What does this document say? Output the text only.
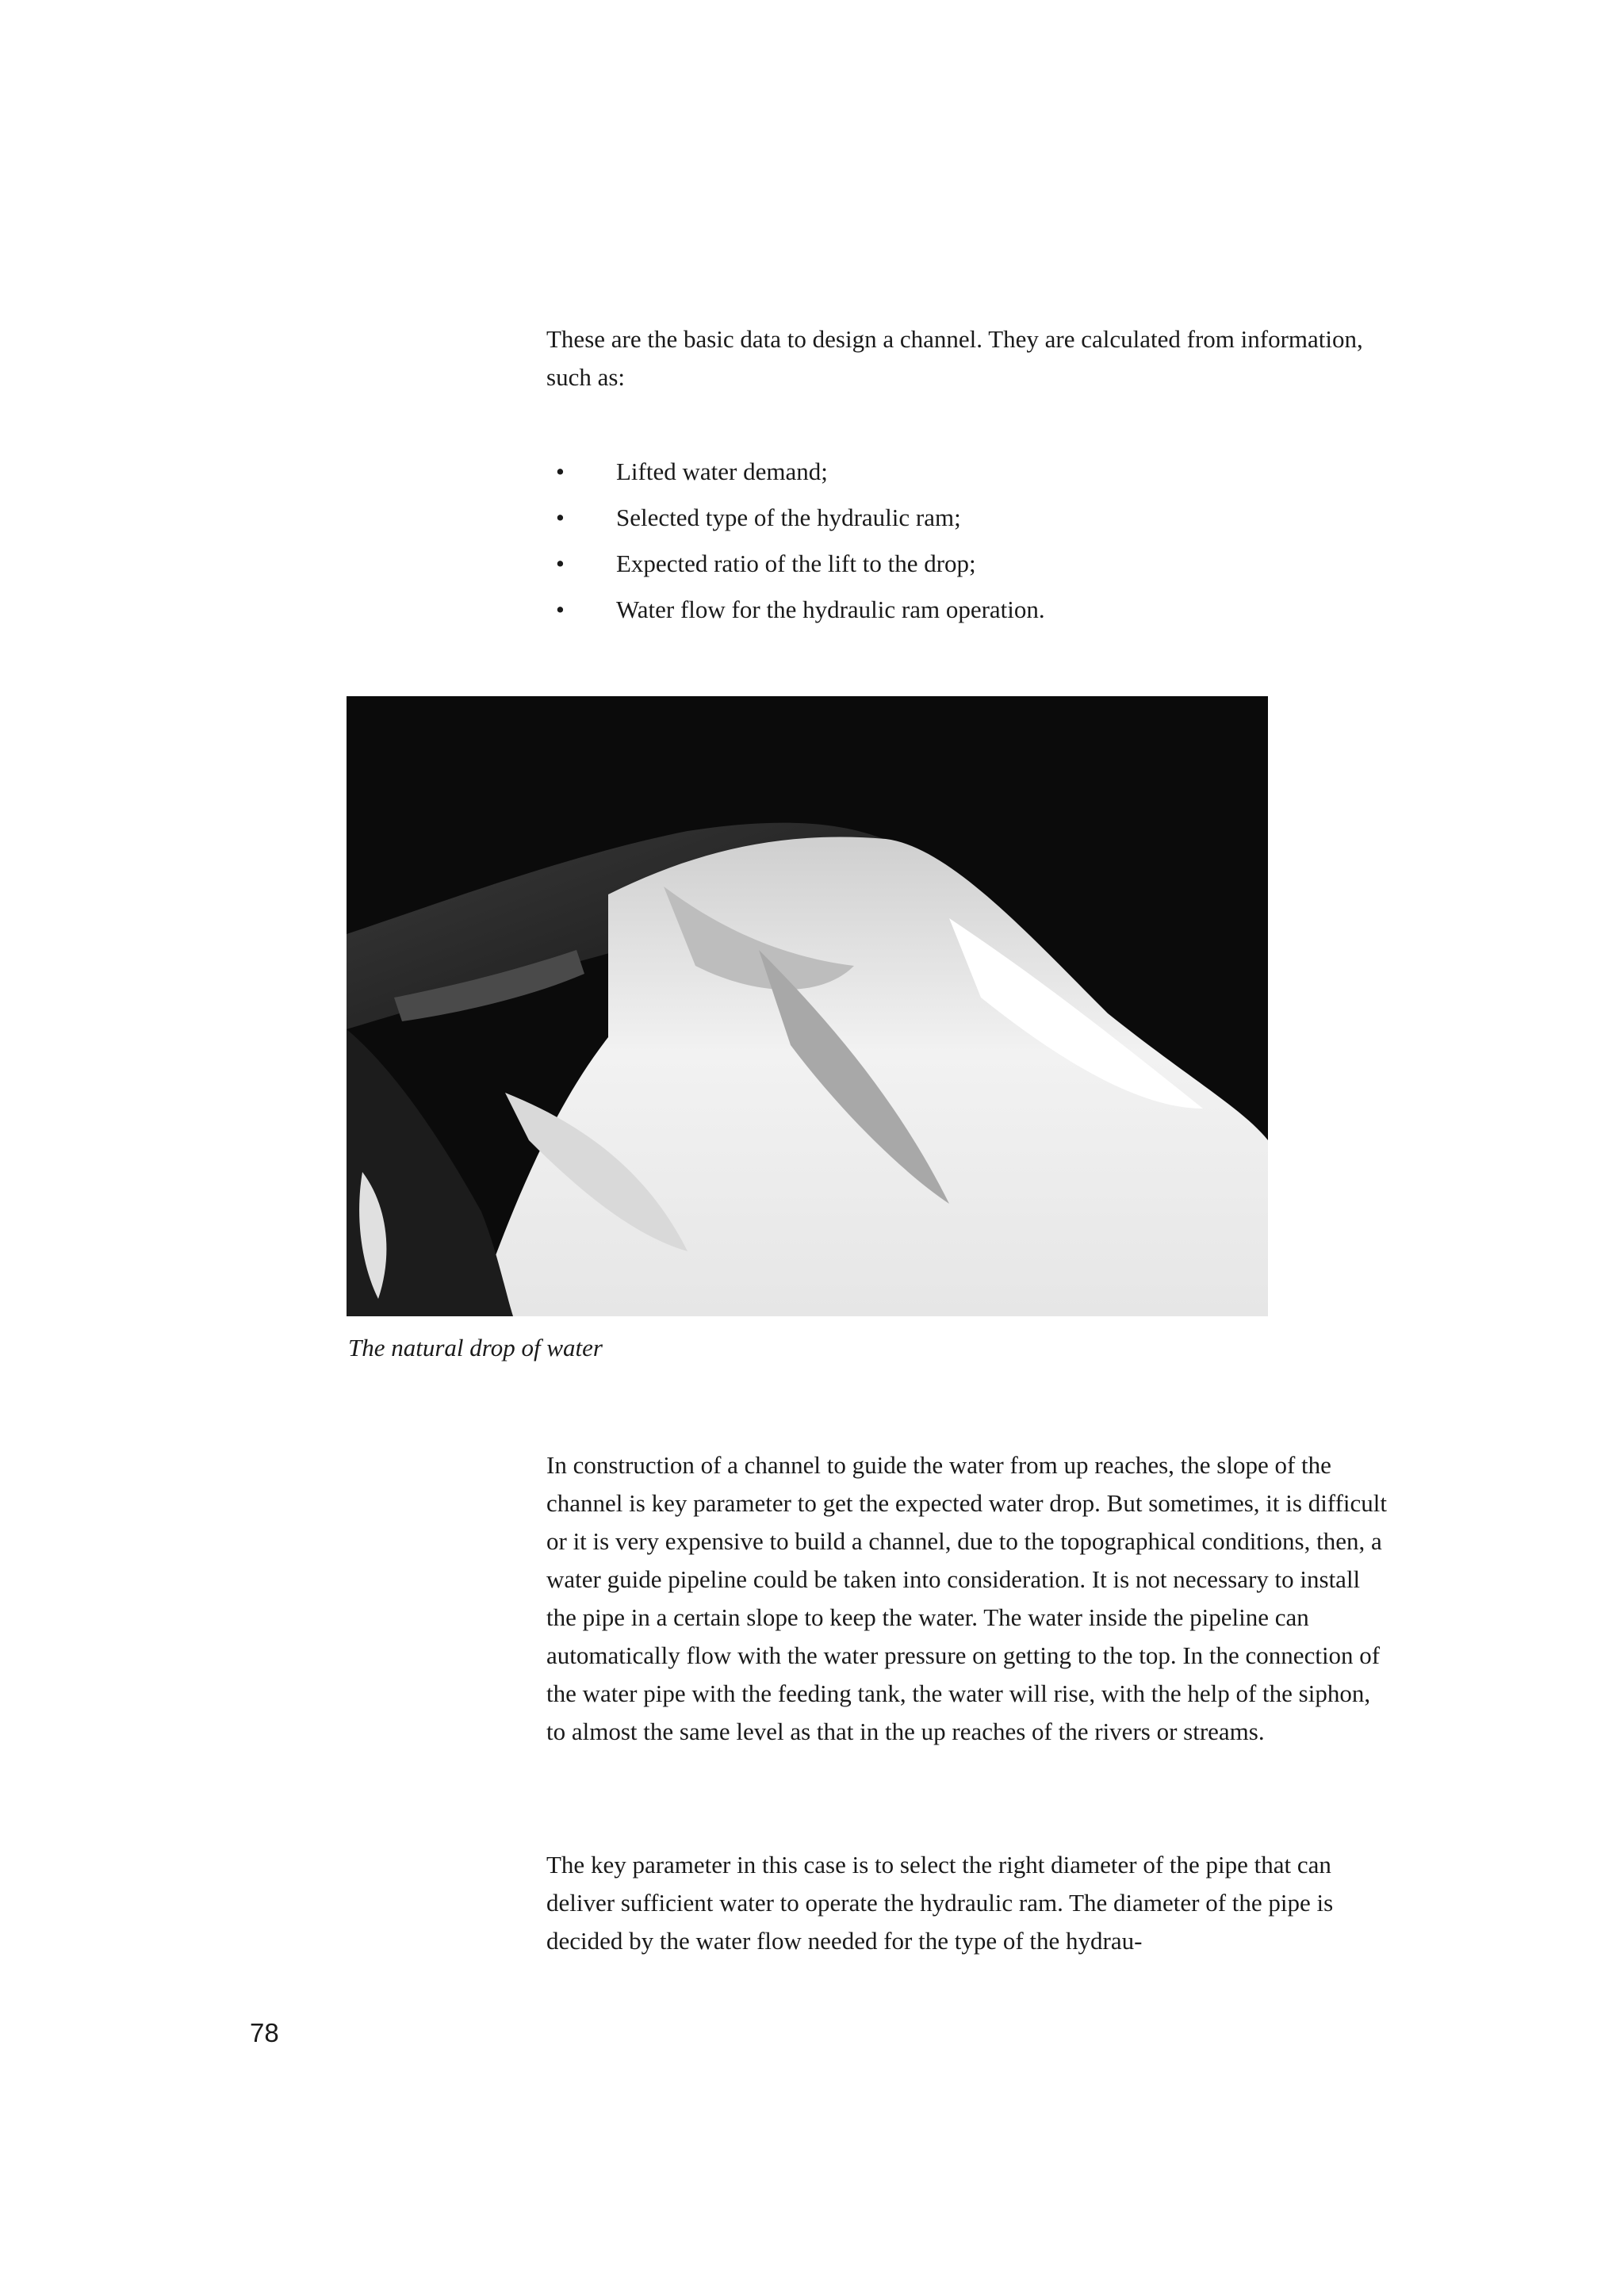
These are the basic data to design a channel. They are calculated from information, such as:

• Lifted water demand;
• Selected type of the hydraulic ram;
• Expected ratio of the lift to the drop;
• Water flow for the hydraulic ram operation.
The natural drop of water

In construction of a channel to guide the water from up reaches, the slope of the channel is key parameter to get the expected water drop. But sometimes, it is difficult or it is very expensive to build a channel, due to the topographical conditions, then, a water guide pipeline could be taken into consideration. It is not necessary to install the pipe in a certain slope to keep the water. The water inside the pipeline can automatically flow with the water pressure on getting to the top. In the connection of the water pipe with the feeding tank, the water will rise, with the help of the siphon, to almost the same level as that in the up reaches of the rivers or streams.

The key parameter in this case is to select the right diameter of the pipe that can deliver sufficient water to operate the hydraulic ram. The diameter of the pipe is decided by the water flow needed for the type of the hydrau-

78
